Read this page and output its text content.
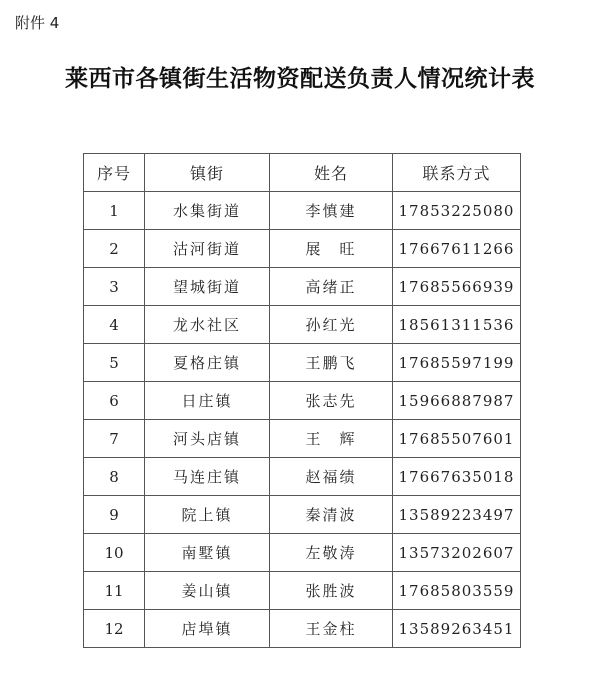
附件 4
莱西市各镇街生活物资配送负责人情况统计表
序号	镇街	姓名	联系方式
1	水集街道	李慎建	17853225080
2	沽河街道	展　旺	17667611266
3	望城街道	高绪正	17685566939
4	龙水社区	孙红光	18561311536
5	夏格庄镇	王鹏飞	17685597199
6	日庄镇	张志先	15966887987
7	河头店镇	王　辉	17685507601
8	马连庄镇	赵福绩	17667635018
9	院上镇	秦清波	13589223497
10	南墅镇	左敬涛	13573202607
11	姜山镇	张胜波	17685803559
12	店埠镇	王金柱	13589263451
